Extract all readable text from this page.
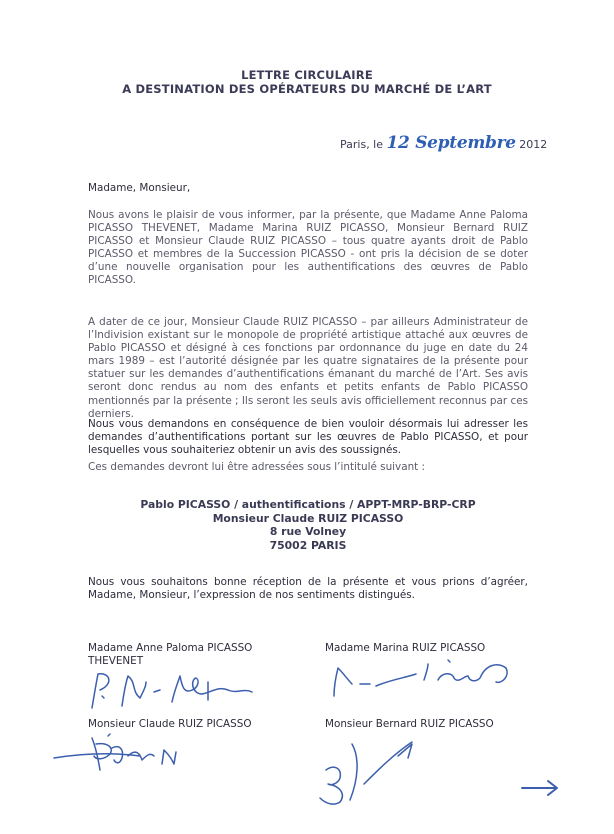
LETTRE CIRCULAIRE
A DESTINATION DES OPÉRATEURS DU MARCHÉ DE L’ART
Paris, le 12 Septembre 2012
Madame, Monsieur,
Nous avons le plaisir de vous informer, par la présente, que Madame Anne Paloma PICASSO THEVENET, Madame Marina RUIZ PICASSO, Monsieur Bernard RUIZ PICASSO et Monsieur Claude RUIZ PICASSO – tous quatre ayants droit de Pablo PICASSO et membres de la Succession PICASSO - ont pris la décision de se doter d’une nouvelle organisation pour les authentifications des œuvres de Pablo PICASSO.
A dater de ce jour, Monsieur Claude RUIZ PICASSO – par ailleurs Administrateur de l’Indivision existant sur le monopole de propriété artistique attaché aux œuvres de Pablo PICASSO et désigné à ces fonctions par ordonnance du juge en date du 24 mars 1989 – est l’autorité désignée par les quatre signataires de la présente pour statuer sur les demandes d’authentifications émanant du marché de l’Art. Ses avis seront donc rendus au nom des enfants et petits enfants de Pablo PICASSO mentionnés par la présente ; Ils seront les seuls avis officiellement reconnus par ces derniers.
Nous vous demandons en conséquence de bien vouloir désormais lui adresser les demandes d’authentifications portant sur les œuvres de Pablo PICASSO, et pour lesquelles vous souhaiteriez obtenir un avis des soussignés.
Ces demandes devront lui être adressées sous l’intitulé suivant :
Pablo PICASSO / authentifications / APPT-MRP-BRP-CRP
Monsieur Claude RUIZ PICASSO
8 rue Volney
75002 PARIS
Nous vous souhaitons bonne réception de la présente et vous prions d’agréer, Madame, Monsieur, l’expression de nos sentiments distingués.
Madame Anne Paloma PICASSO THEVENET
Madame Marina RUIZ PICASSO
Monsieur Claude RUIZ PICASSO	Monsieur Bernard RUIZ PICASSO
